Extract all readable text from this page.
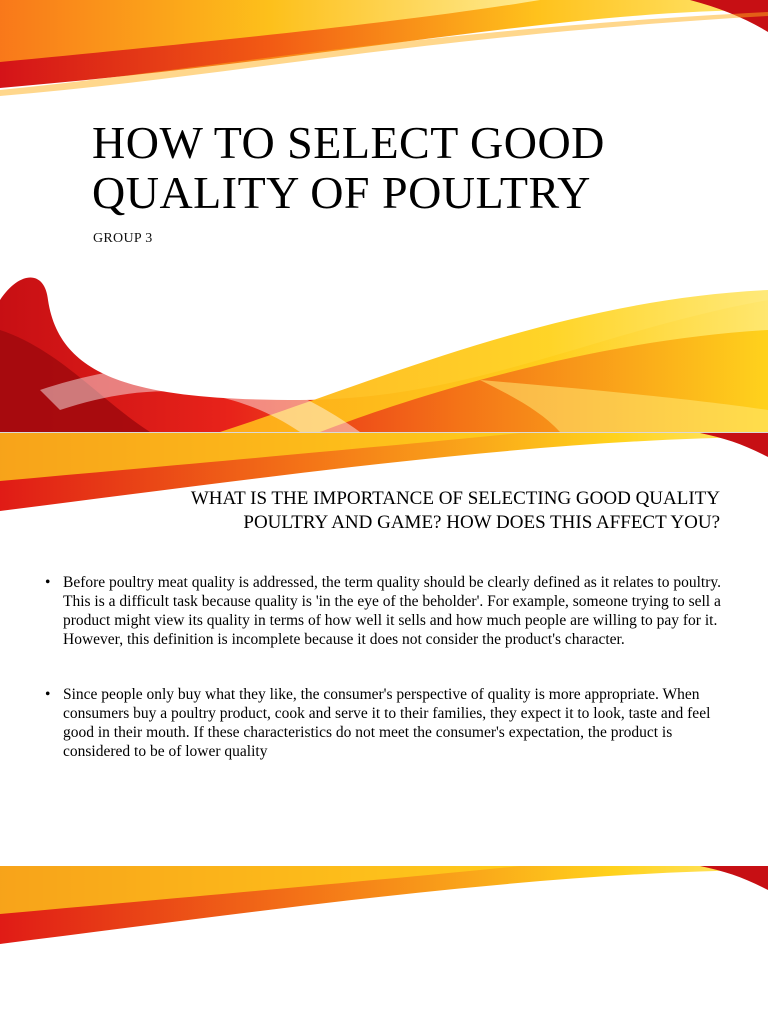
HOW TO SELECT GOOD
QUALITY OF POULTRY
GROUP 3
WHAT IS THE IMPORTANCE OF SELECTING GOOD QUALITY
POULTRY AND GAME? HOW DOES THIS AFFECT YOU?
• Before poultry meat quality is addressed, the term quality should be clearly defined as it relates to poultry. This is a difficult task because quality is 'in the eye of the beholder'. For example, someone trying to sell a product might view its quality in terms of how well it sells and how much people are willing to pay for it. However, this definition is incomplete because it does not consider the product's character.
• Since people only buy what they like, the consumer's perspective of quality is more appropriate. When consumers buy a poultry product, cook and serve it to their families, they expect it to look, taste and feel good in their mouth. If these characteristics do not meet the consumer's expectation, the product is considered to be of lower quality
